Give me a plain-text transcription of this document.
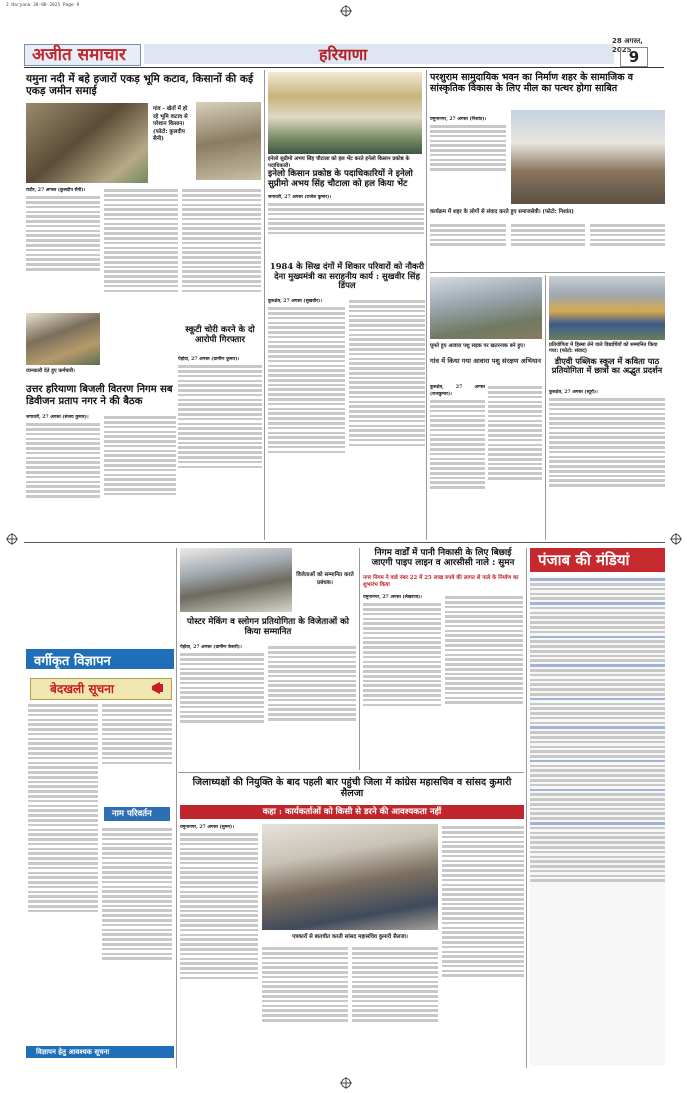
2 Haryana 28-08-2025 Page 9
अजीत समाचार	हरियाणा
28 अगस्त, 2025
9
यमुना नदी में बहे हजारों एकड़ भूमि कटाव, किसानों की कई एकड़ जमीन समाई
गांव - खेतों में हो रहे भूमि कटाव से परेशान किसान। (फोटो: कुलदीप सैनी)
रादौर, 27 अगस्त (कुलदीप सैनी)।
जानकारी देते हुए कर्मचारी।
इनेलो सुप्रीमो अभय सिंह चौटाला को हल भेंट करते इनेलो किसान प्रकोष्ठ के पदाधिकारी।
इनेलो किसान प्रकोष्ठ के पदाधिकारियों ने इनेलो सुप्रीमो अभय सिंह चौटाला को हल किया भेंट
जगाधरी, 27 अगस्त (राजेश कुमार)।
परशुराम सामुदायिक भवन का निर्माण शहर के सामाजिक व सांस्कृतिक विकास के लिए मील का पत्थर होगा साबित
यमुनानगर, 27 अगस्त (निशांत)।
कार्यक्रम में शहर के लोगों से संवाद करते हुए समाजसेवी। (फोटो: निशांत)
स्कूटी चोरी करने के दो आरोपी गिरफ्तार
पेहोवा, 27 अगस्त (ग्रामीण कुमार)।
उत्तर हरियाणा बिजली वितरण निगम सब डिवीजन प्रताप नगर ने की बैठक
जगाधरी, 27 अगस्त (संजय कुमार)।
1984 के सिख दंगों में शिकार परिवारों को नौकरी देना मुख्यमंत्री का सराहनीय कार्य : सुखवीर सिंह डिंपल
कुरुक्षेत्र, 27 अगस्त (सुखवीर)।
घूमते हुए आवारा पशु सड़क पर खतरनाक बने हुए।
गांव में किया गया आवारा पशु संरक्षण अभियान
कुरुक्षेत्र, 27 अगस्त (राजकुमार)।
प्रतियोगिता में हिस्सा लेने वाले विद्यार्थियों को सम्मानित किया गया। (फोटो: संवाद)
डीएवी पब्लिक स्कूल में कविता पाठ प्रतियोगिता में छात्रों का अद्भुत प्रदर्शन
कुरुक्षेत्र, 27 अगस्त (ब्यूरो)।
वर्गीकृत विज्ञापन
बेदखली सूचना
नाम परिवर्तन
विज्ञापन हेतु आवश्यक सूचना
विजेताओं को सम्मानित करते प्रबंधक।
पोस्टर मेकिंग व स्लोगन प्रतियोगिता के विजेताओं को किया सम्मानित
पेहोवा, 27 अगस्त (ग्रामीण केसरी)।
निगम वार्डों में पानी निकासी के लिए बिछाई जाएगी पाइप लाइन व आरसीसी नाले : सुमन
नगर निगम ने वार्ड नंबर 22 में 25 लाख रुपये की लागत से नाले के निर्माण का शुभारंभ किया
यमुनानगर, 27 अगस्त (लेखराज)।
पंजाब की मंडियां
जिलाध्यक्षों की नियुक्ति के बाद पहली बार पहुंची जिला में कांग्रेस महासचिव व सांसद कुमारी सैलजा
कहा : कार्यकर्ताओं को किसी से डरने की आवश्यकता नहीं
यमुनानगर, 27 अगस्त (सुमन)।
पत्रकारों से बातचीत करती सांसद महासचिव कुमारी सैलजा।
